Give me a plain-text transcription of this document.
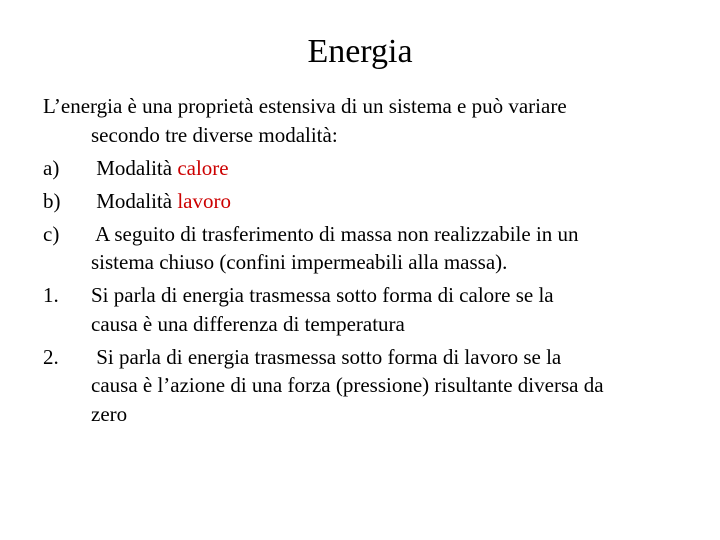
Energia
L’energia è una proprietà estensiva di un sistema e può variare
secondo tre diverse modalità:
a) Modalità calore
b) Modalità lavoro
c) A seguito di trasferimento di massa non realizzabile in un
sistema chiuso (confini impermeabili alla massa).
1. Si parla di energia trasmessa sotto forma di calore se la
causa è una differenza di temperatura
2. Si parla di energia trasmessa sotto forma di lavoro se la
causa è l’azione di una forza (pressione) risultante diversa da
zero
